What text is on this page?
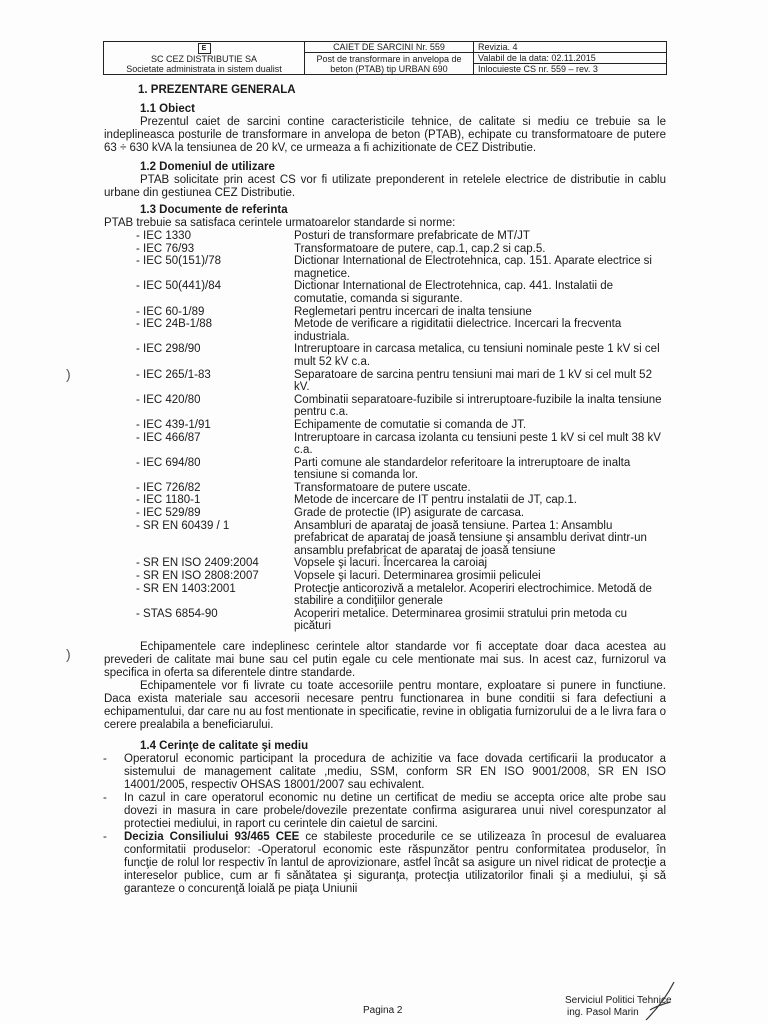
E
SC CEZ DISTRIBUTIE SA
Societate administrata in sistem dualist	CAIET DE SARCINI Nr. 559	Revizia. 4
	Post de transformare in anvelopa de beton (PTAB) tip URBAN 690	Valabil de la data: 02.11.2015
		Inlocuieste CS nr. 559 – rev. 3
1. PREZENTARE GENERALA
1.1 Obiect

Prezentul caiet de sarcini contine caracteristicile tehnice, de calitate si mediu ce trebuie sa le indeplineasca posturile de transformare in anvelopa de beton (PTAB), echipate cu transformatoare de putere 63 ÷ 630 kVA la tensiunea de 20 kV, ce urmeaza a fi achizitionate de CEZ Distributie.

1.2 Domeniul de utilizare

PTAB solicitate prin acest CS vor fi utilizate preponderent in retelele electrice de distributie in cablu urbane din gestiunea CEZ Distributie.

1.3 Documente de referinta

PTAB trebuie sa satisfaca cerintele urmatoarelor standarde si norme:

- IEC 1330	Posturi de transformare prefabricate de MT/JT
- IEC 76/93	Transformatoare de putere, cap.1, cap.2 si cap.5.
- IEC 50(151)/78	Dictionar International de Electrotehnica, cap. 151. Aparate electrice si magnetice.
- IEC 50(441)/84	Dictionar International de Electrotehnica, cap. 441. Instalatii de comutatie, comanda si sigurante.
- IEC 60-1/89	Reglemetari pentru incercari de inalta tensiune
- IEC 24B-1/88	Metode de verificare a rigiditatii dielectrice. Incercari la frecventa industriala.
- IEC 298/90	Intreruptoare in carcasa metalica, cu tensiuni nominale peste 1 kV si cel mult 52 kV c.a.
- IEC 265/1-83	Separatoare de sarcina pentru tensiuni mai mari de 1 kV si cel mult 52 kV.
- IEC 420/80	Combinatii separatoare-fuzibile si intreruptoare-fuzibile la inalta tensiune pentru c.a.
- IEC 439-1/91	Echipamente de comutatie si comanda de JT.
- IEC 466/87	Intreruptoare in carcasa izolanta cu tensiuni peste 1 kV si cel mult 38 kV c.a.
- IEC 694/80	Parti comune ale standardelor referitoare la intreruptoare de inalta tensiune si comanda lor.
- IEC 726/82	Transformatoare de putere uscate.
- IEC 1180-1	Metode de incercare de IT pentru instalatii de JT, cap.1.
- IEC 529/89	Grade de protectie (IP) asigurate de carcasa.
- SR EN 60439 / 1	Ansambluri de aparataj de joasă tensiune. Partea 1: Ansamblu prefabricat de aparataj de joasă tensiune şi ansamblu derivat dintr-un ansamblu prefabricat de aparataj de joasă tensiune
- SR EN ISO 2409:2004	Vopsele şi lacuri. Încercarea la caroiaj
- SR EN ISO 2808:2007	Vopsele şi lacuri. Determinarea grosimii peliculei
- SR EN 1403:2001	Protecţie anticorozivă a metalelor. Acoperiri electrochimice. Metodă de stabilire a condiţiilor generale
- STAS 6854-90	Acoperiri metalice. Determinarea grosimii stratului prin metoda cu picături

Echipamentele care indeplinesc cerintele altor standarde vor fi acceptate doar daca acestea au prevederi de calitate mai bune sau cel putin egale cu cele mentionate mai sus. In acest caz, furnizorul va specifica in oferta sa diferentele dintre standarde.

Echipamentele vor fi livrate cu toate accesoriile pentru montare, exploatare si punere in functiune. Daca exista materiale sau accesorii necesare pentru functionarea in bune conditii si fara defectiuni a echipamentului, dar care nu au fost mentionate in specificatie, revine in obligatia furnizorului de a le livra fara o cerere prealabila a beneficiarului.

1.4 Cerinţe de calitate şi mediu
- Operatorul economic participant la procedura de achizitie va face dovada certificarii la producator a sistemului de management calitate ,mediu, SSM, conform SR EN ISO 9001/2008, SR EN ISO 14001/2005, respectiv OHSAS 18001/2007 sau echivalent.
- In cazul in care operatorul economic nu detine un certificat de mediu se accepta orice alte probe sau dovezi in masura in care probele/dovezile prezentate confirma asigurarea unui nivel corespunzator al protectiei mediului, in raport cu cerintele din caietul de sarcini.
- Decizia Consiliului 93/465 CEE ce stabileste procedurile ce se utilizeaza în procesul de evaluarea conformitatii produselor: -Operatorul economic este răspunzător pentru conformitatea produselor, în funcţie de rolul lor respectiv în lantul de aprovizionare, astfel încât sa asigure un nivel ridicat de protecţie a intereselor publice, cum ar fi sănătatea şi siguranţa, protecţia utilizatorilor finali şi a mediului, şi să garanteze o concurenţă loială pe piaţa Uniunii
)
)
Pagina 2
Serviciul Politici Tehnice
ing. Pasol Marin
